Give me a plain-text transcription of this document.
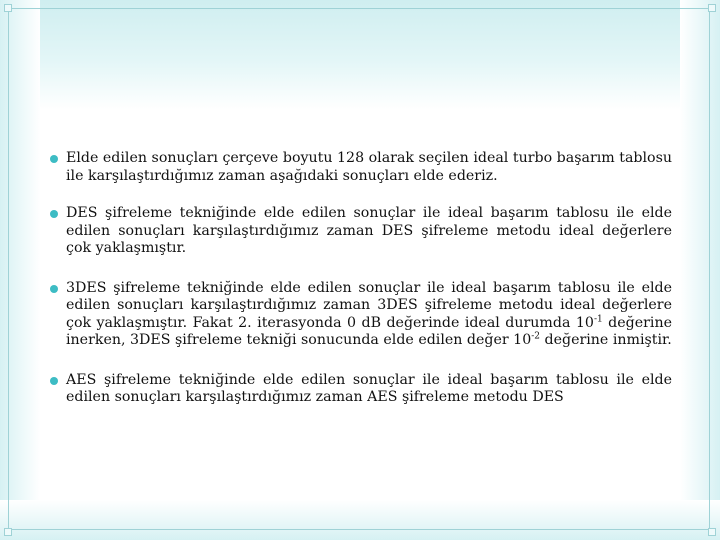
Elde edilen sonuçları çerçeve boyutu 128 olarak seçilen ideal turbo başarım tablosu ile karşılaştırdığımız zaman aşağıdaki sonuçları elde ederiz.
DES şifreleme tekniğinde elde edilen sonuçlar ile ideal başarım tablosu ile elde edilen sonuçları karşılaştırdığımız zaman DES şifreleme metodu ideal değerlere çok yaklaşmıştır.
3DES şifreleme tekniğinde elde edilen sonuçlar ile ideal başarım tablosu ile elde edilen sonuçları karşılaştırdığımız zaman 3DES şifreleme metodu ideal değerlere çok yaklaşmıştır. Fakat 2. iterasyonda 0 dB değerinde ideal durumda $10^{-1}$ değerine inerken, 3DES şifreleme tekniği sonucunda elde edilen değer $10^{-2}$ değerine inmiştir.
AES şifreleme tekniğinde elde edilen sonuçlar ile ideal başarım tablosu ile elde edilen sonuçları karşılaştırdığımız zaman AES şifreleme metodu DES
